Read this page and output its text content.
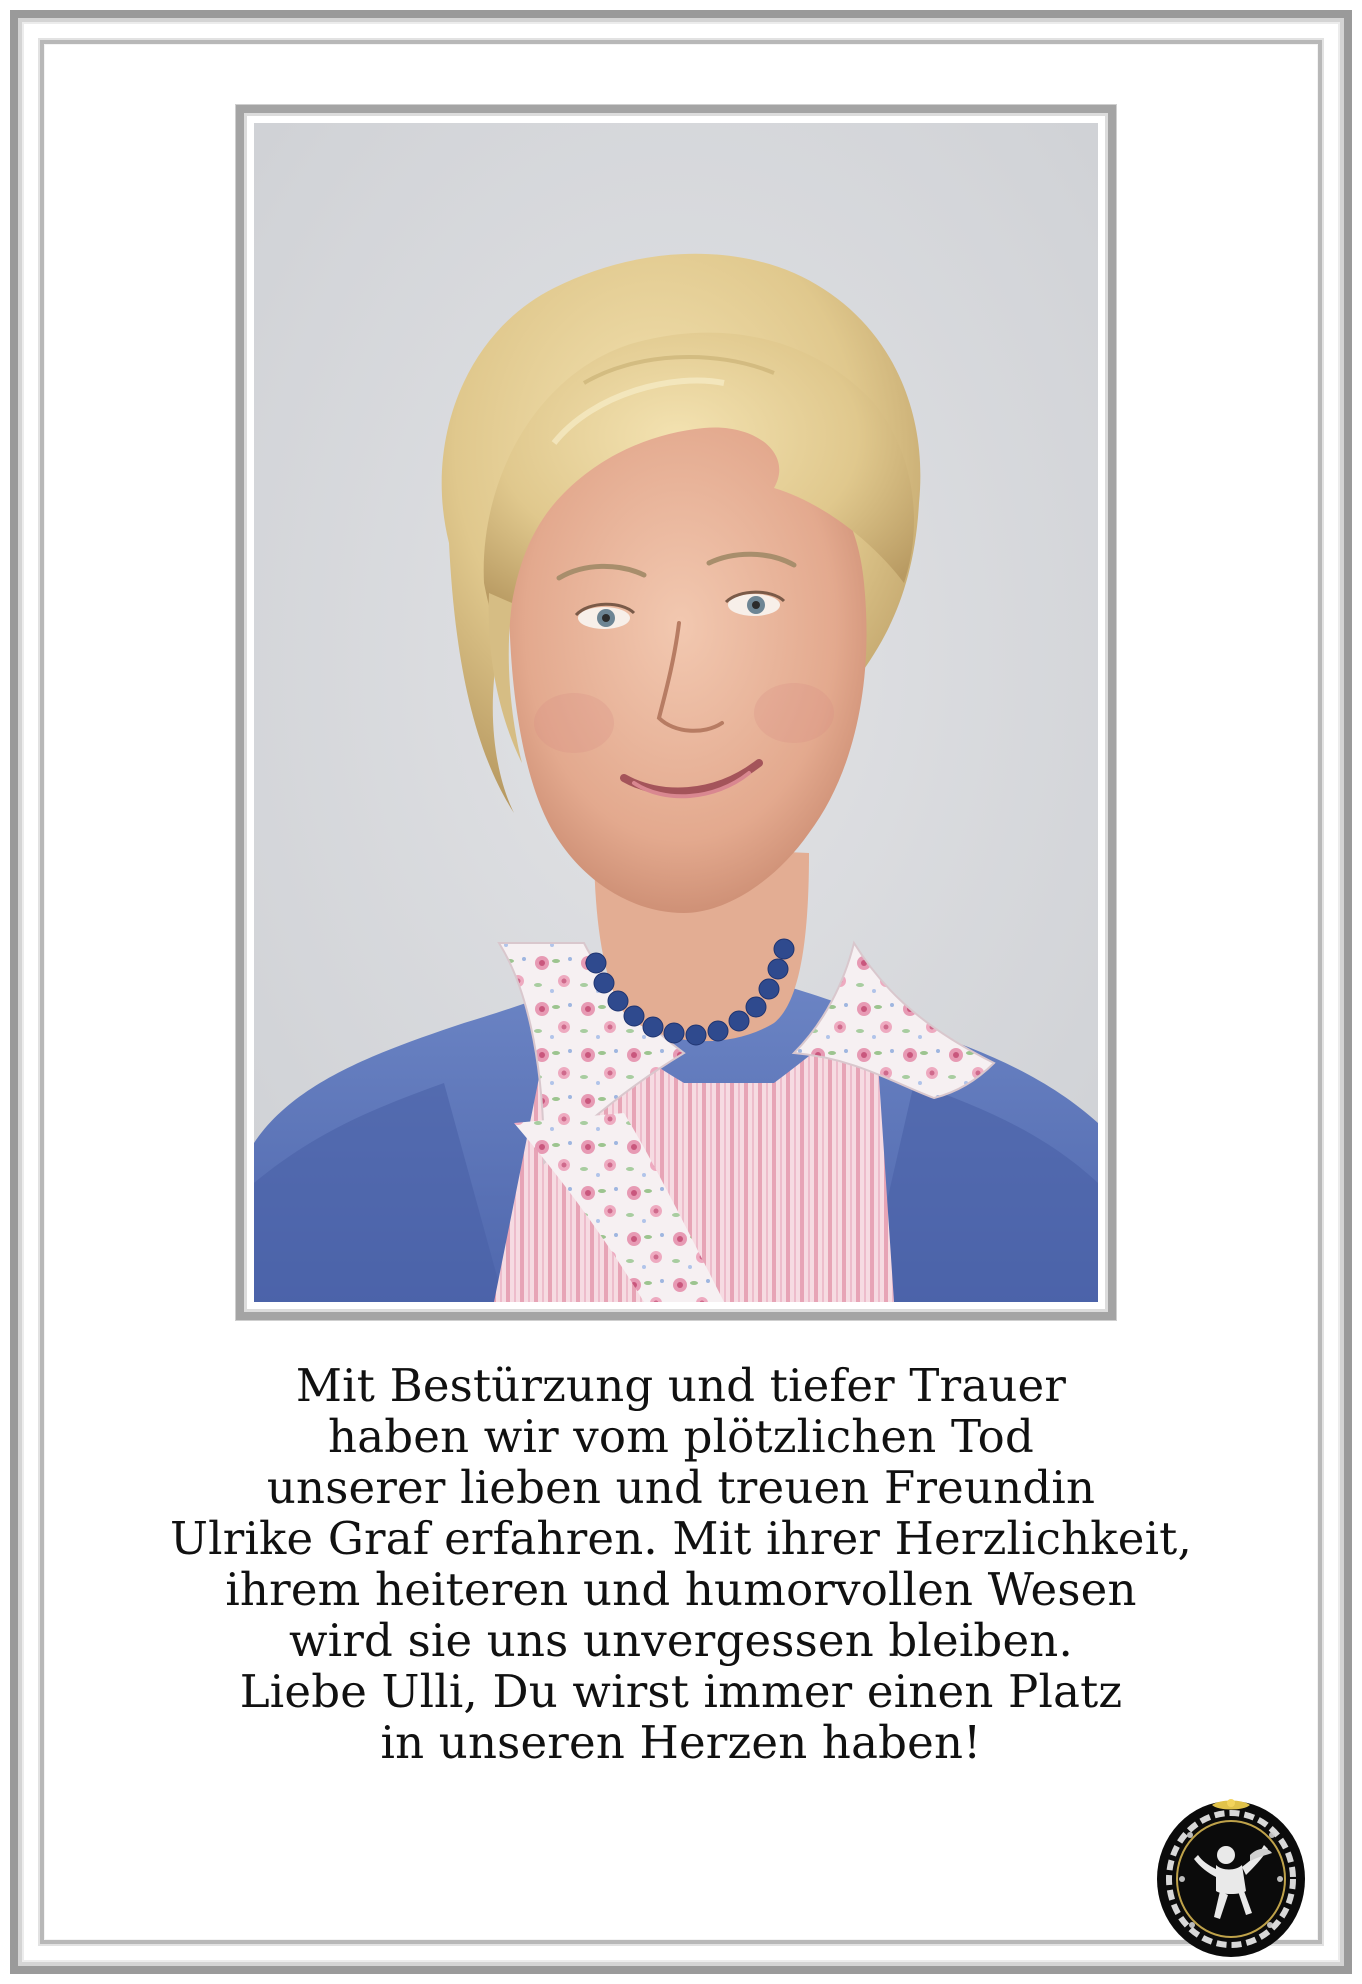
Mit Bestürzung und tiefer Trauer
haben wir vom plötzlichen Tod
unserer lieben und treuen Freundin
Ulrike Graf erfahren. Mit ihrer Herzlichkeit,
ihrem heiteren und humorvollen Wesen
wird sie uns unvergessen bleiben.
Liebe Ulli, Du wirst immer einen Platz
in unseren Herzen haben!
